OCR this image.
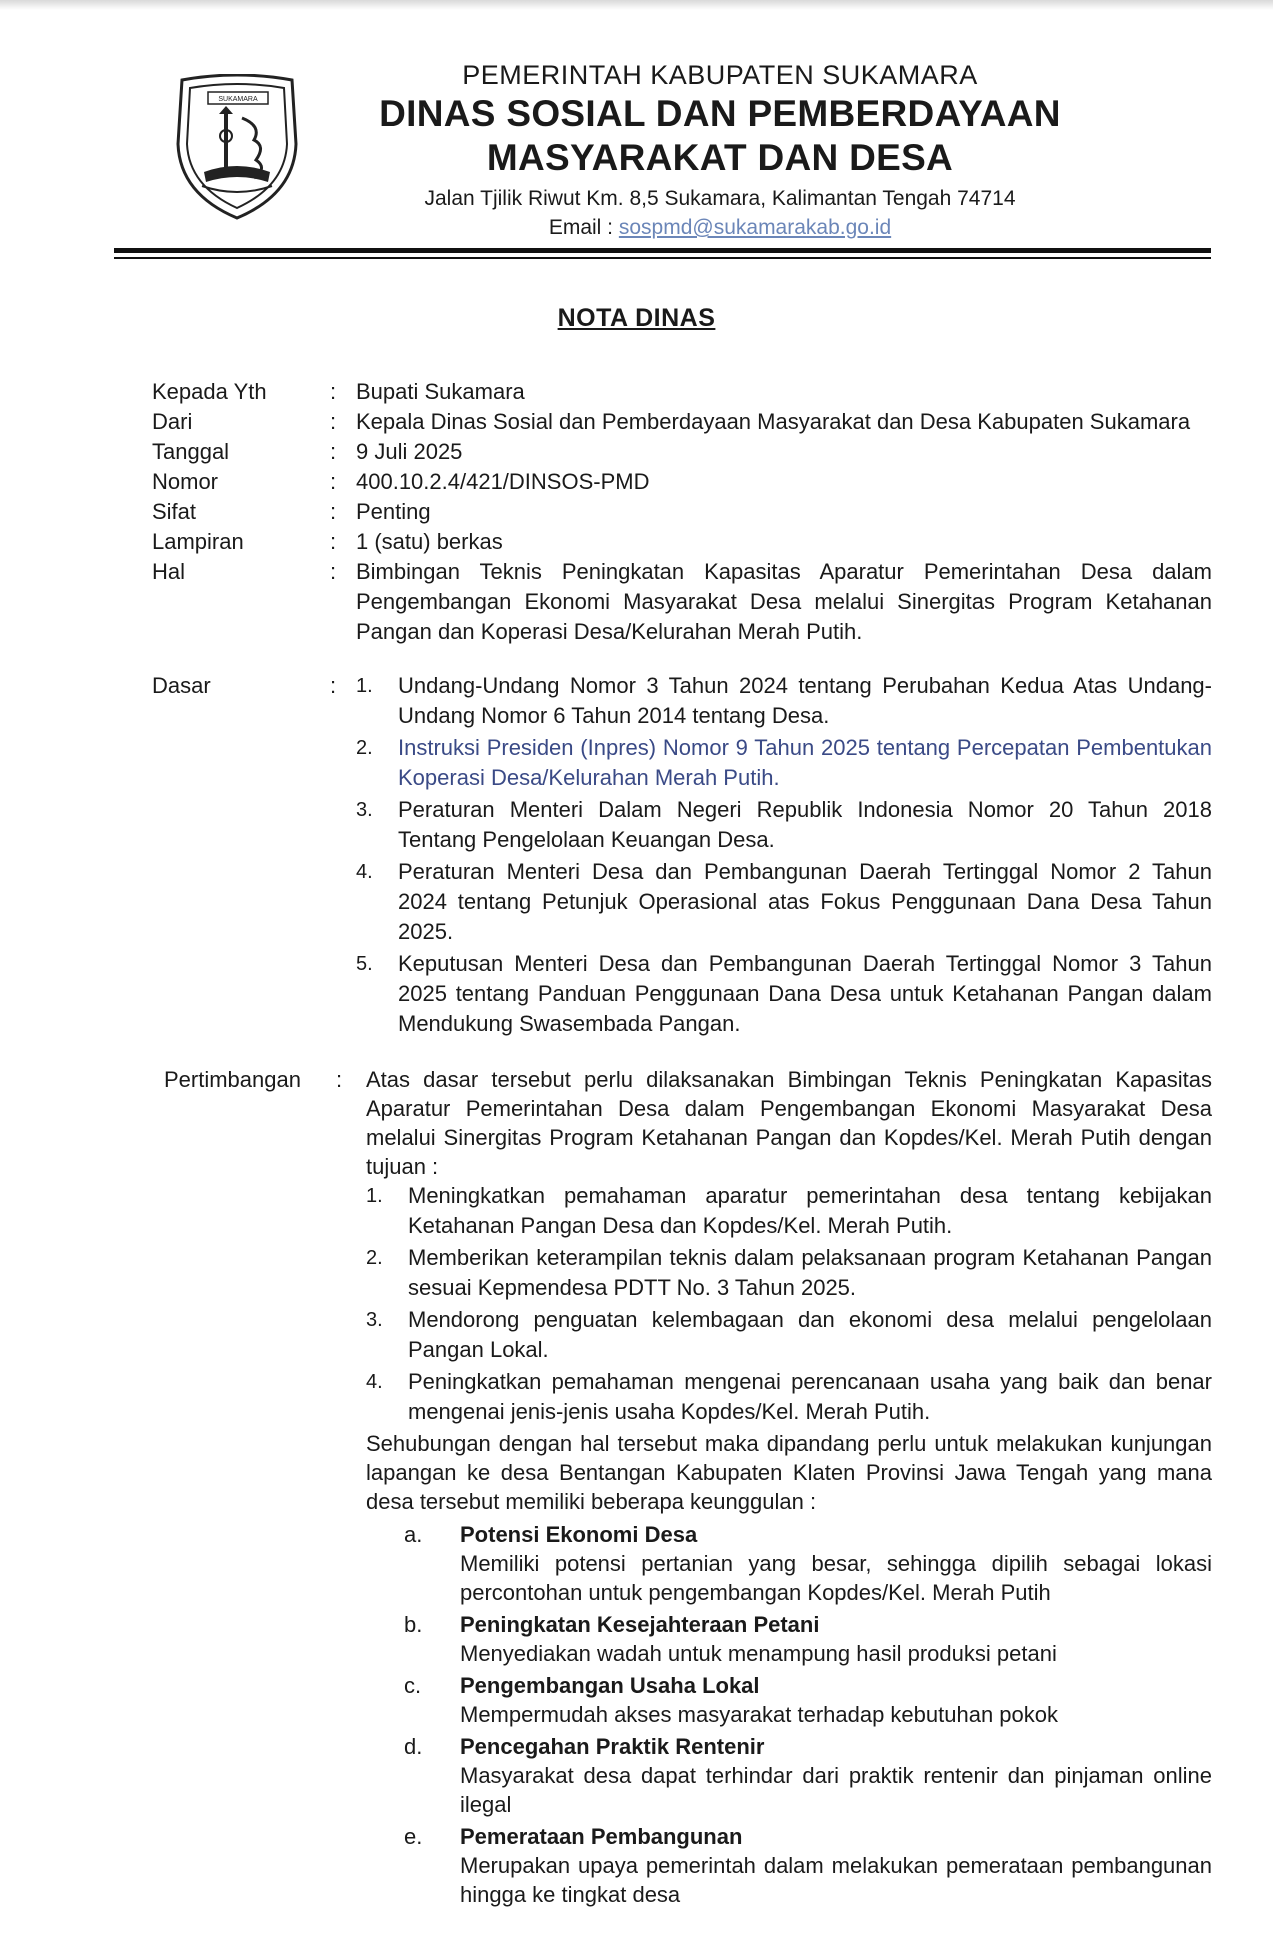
SUKAMARA
PEMERINTAH KABUPATEN SUKAMARA
DINAS SOSIAL DAN PEMBERDAYAAN
MASYARAKAT DAN DESA
Jalan Tjilik Riwut Km. 8,5 Sukamara, Kalimantan Tengah 74714
Email : sospmd@sukamarakab.go.id
NOTA DINAS
Kepada Yth	: Bupati Sukamara
Dari	: Kepala Dinas Sosial dan Pemberdayaan Masyarakat dan Desa Kabupaten Sukamara
Tanggal	: 9 Juli 2025
Nomor	: 400.10.2.4/421/DINSOS-PMD
Sifat	: Penting
Lampiran	: 1 (satu) berkas
Hal	: Bimbingan Teknis Peningkatan Kapasitas Aparatur Pemerintahan Desa dalam Pengembangan Ekonomi Masyarakat Desa melalui Sinergitas Program Ketahanan Pangan dan Koperasi Desa/Kelurahan Merah Putih.
Dasar	: 1.	Undang-Undang Nomor 3 Tahun 2024 tentang Perubahan Kedua Atas Undang-Undang Nomor 6 Tahun 2014 tentang Desa.
2.	Instruksi Presiden (Inpres) Nomor 9 Tahun 2025 tentang Percepatan Pembentukan Koperasi Desa/Kelurahan Merah Putih.
3.	Peraturan Menteri Dalam Negeri Republik Indonesia Nomor 20 Tahun 2018 Tentang Pengelolaan Keuangan Desa.
4.	Peraturan Menteri Desa dan Pembangunan Daerah Tertinggal Nomor 2 Tahun 2024 tentang Petunjuk Operasional atas Fokus Penggunaan Dana Desa Tahun 2025.
5.	Keputusan Menteri Desa dan Pembangunan Daerah Tertinggal Nomor 3 Tahun 2025 tentang Panduan Penggunaan Dana Desa untuk Ketahanan Pangan dalam Mendukung Swasembada Pangan.
Pertimbangan	:	Atas dasar tersebut perlu dilaksanakan Bimbingan Teknis Peningkatan Kapasitas Aparatur Pemerintahan Desa dalam Pengembangan Ekonomi Masyarakat Desa melalui Sinergitas Program Ketahanan Pangan dan Kopdes/Kel. Merah Putih dengan tujuan :
1.	Meningkatkan pemahaman aparatur pemerintahan desa tentang kebijakan Ketahanan Pangan Desa dan Kopdes/Kel. Merah Putih.
2.	Memberikan keterampilan teknis dalam pelaksanaan program Ketahanan Pangan sesuai Kepmendesa PDTT No. 3 Tahun 2025.
3.	Mendorong penguatan kelembagaan dan ekonomi desa melalui pengelolaan Pangan Lokal.
4.	Peningkatkan pemahaman mengenai perencanaan usaha yang baik dan benar mengenai jenis-jenis usaha Kopdes/Kel. Merah Putih.
Sehubungan dengan hal tersebut maka dipandang perlu untuk melakukan kunjungan lapangan ke desa Bentangan Kabupaten Klaten Provinsi Jawa Tengah yang mana desa tersebut memiliki beberapa keunggulan :
a.	Potensi Ekonomi Desa
Memiliki potensi pertanian yang besar, sehingga dipilih sebagai lokasi percontohan untuk pengembangan Kopdes/Kel. Merah Putih
b.	Peningkatan Kesejahteraan Petani
Menyediakan wadah untuk menampung hasil produksi petani
c.	Pengembangan Usaha Lokal
Mempermudah akses masyarakat terhadap kebutuhan pokok
d.	Pencegahan Praktik Rentenir
Masyarakat desa dapat terhindar dari praktik rentenir dan pinjaman online ilegal
e.	Pemerataan Pembangunan
Merupakan upaya pemerintah dalam melakukan pemerataan pembangunan hingga ke tingkat desa
